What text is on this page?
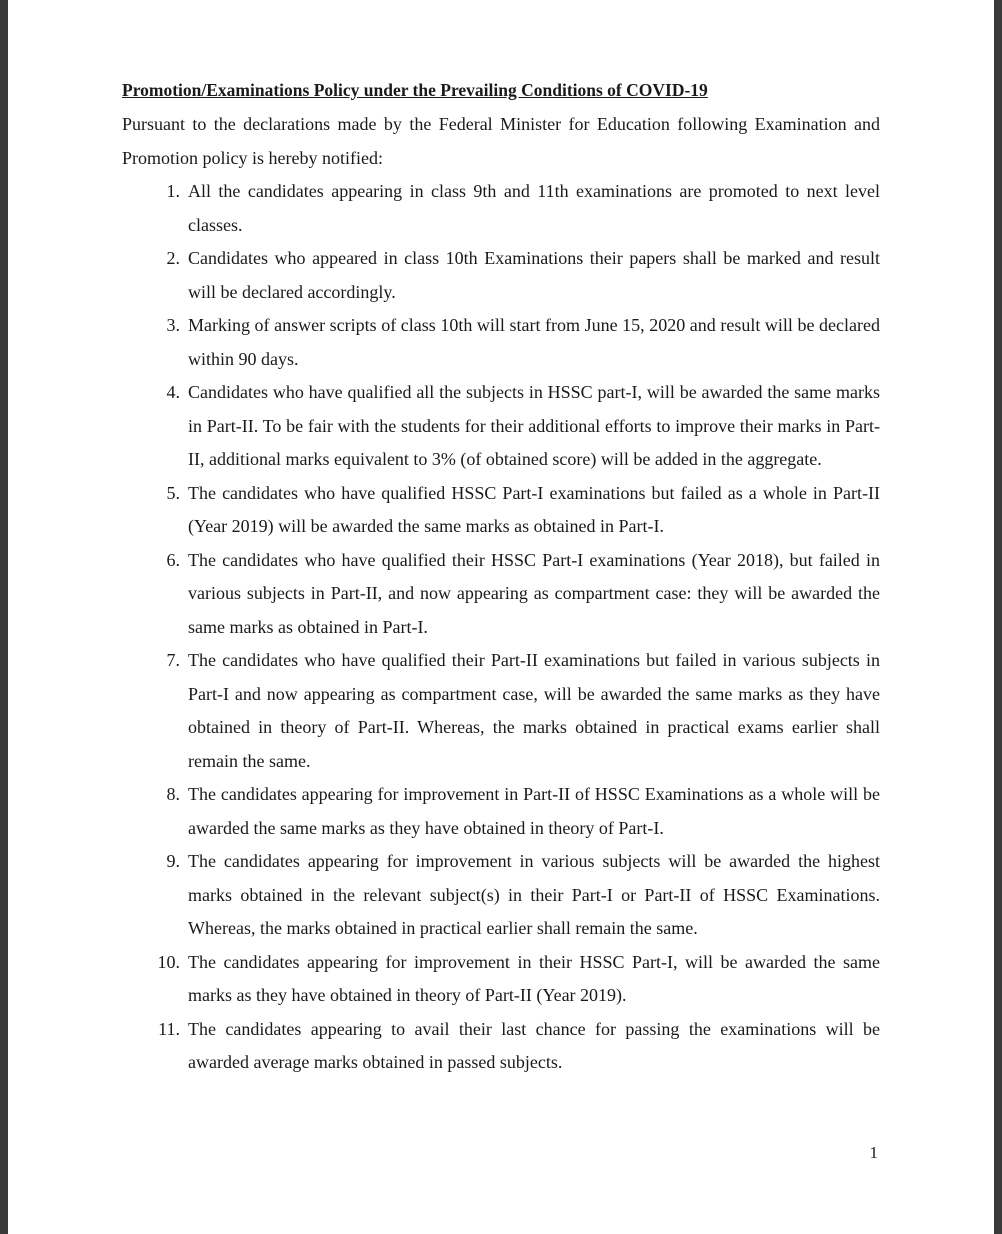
Promotion/Examinations Policy under the Prevailing Conditions of COVID-19
Pursuant to the declarations made by the Federal Minister for Education following Examination and Promotion policy is hereby notified:
1. All the candidates appearing in class 9th and 11th examinations are promoted to next level classes.
2. Candidates who appeared in class 10th Examinations their papers shall be marked and result will be declared accordingly.
3. Marking of answer scripts of class 10th will start from June 15, 2020 and result will be declared within 90 days.
4. Candidates who have qualified all the subjects in HSSC part-I, will be awarded the same marks in Part-II. To be fair with the students for their additional efforts to improve their marks in Part-II, additional marks equivalent to 3% (of obtained score) will be added in the aggregate.
5. The candidates who have qualified HSSC Part-I examinations but failed as a whole in Part-II (Year 2019) will be awarded the same marks as obtained in Part-I.
6. The candidates who have qualified their HSSC Part-I examinations (Year 2018), but failed in various subjects in Part-II, and now appearing as compartment case: they will be awarded the same marks as obtained in Part-I.
7. The candidates who have qualified their Part-II examinations but failed in various subjects in Part-I and now appearing as compartment case, will be awarded the same marks as they have obtained in theory of Part-II. Whereas, the marks obtained in practical exams earlier shall remain the same.
8. The candidates appearing for improvement in Part-II of HSSC Examinations as a whole will be awarded the same marks as they have obtained in theory of Part-I.
9. The candidates appearing for improvement in various subjects will be awarded the highest marks obtained in the relevant subject(s) in their Part-I or Part-II of HSSC Examinations. Whereas, the marks obtained in practical earlier shall remain the same.
10. The candidates appearing for improvement in their HSSC Part-I, will be awarded the same marks as they have obtained in theory of Part-II (Year 2019).
11. The candidates appearing to avail their last chance for passing the examinations will be awarded average marks obtained in passed subjects.
1
